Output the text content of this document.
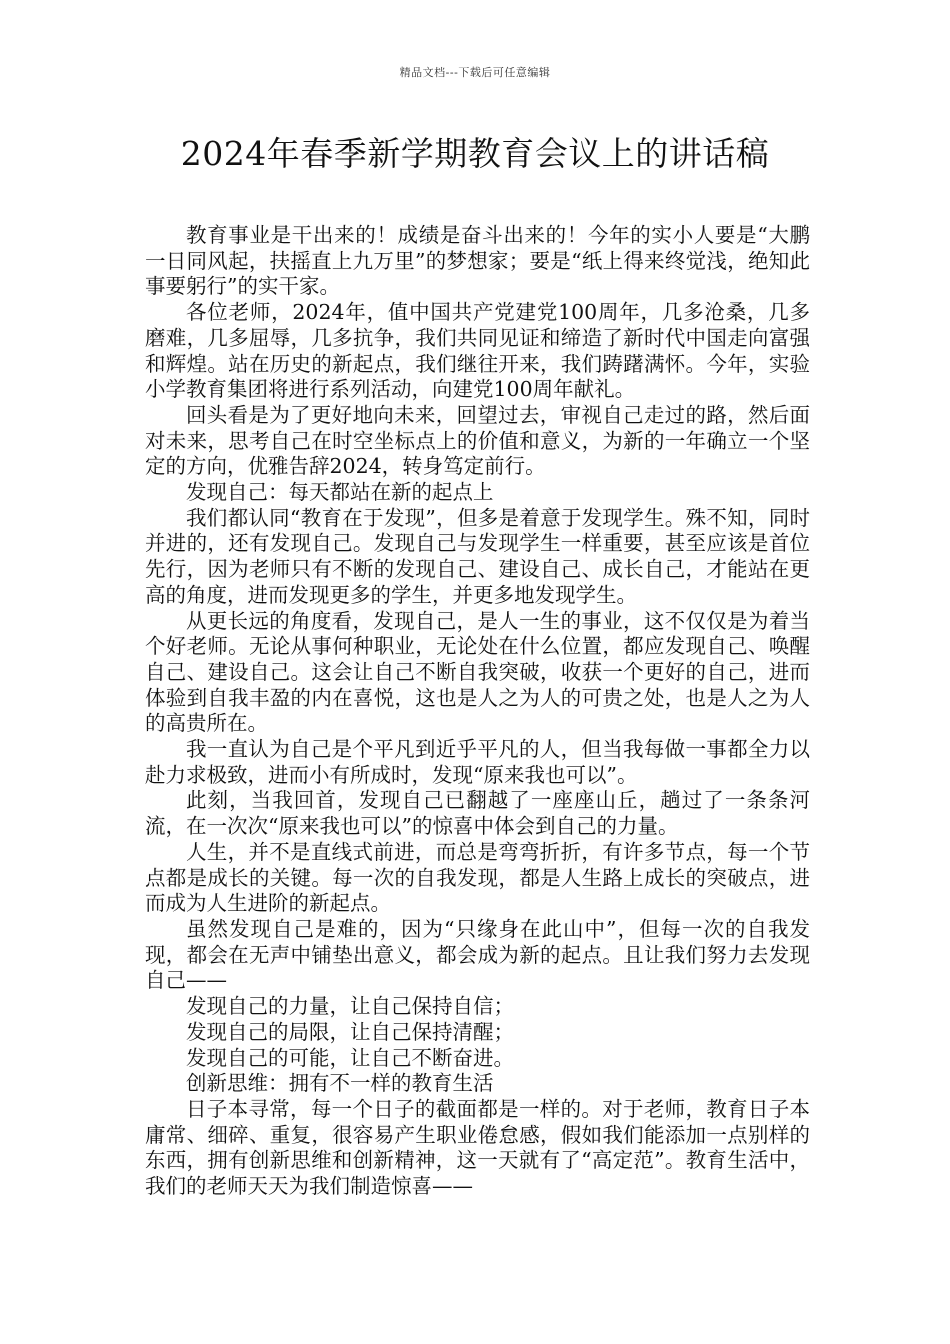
精品文档---下载后可任意编辑
2024年春季新学期教育会议上的讲话稿

教育事业是干出来的！成绩是奋斗出来的！今年的实小人要是“大鹏一日同风起，扶摇直上九万里”的梦想家；要是“纸上得来终觉浅，绝知此事要躬行”的实干家。

各位老师，2024年，值中国共产党建党100周年，几多沧桑，几多磨难，几多屈辱，几多抗争，我们共同见证和缔造了新时代中国走向富强和辉煌。站在历史的新起点，我们继往开来，我们踌躇满怀。今年，实验小学教育集团将进行系列活动，向建党100周年献礼。

回头看是为了更好地向未来，回望过去，审视自己走过的路，然后面对未来，思考自己在时空坐标点上的价值和意义，为新的一年确立一个坚定的方向，优雅告辞2024，转身笃定前行。

发现自己：每天都站在新的起点上

我们都认同“教育在于发现”，但多是着意于发现学生。殊不知，同时并进的，还有发现自己。发现自己与发现学生一样重要，甚至应该是首位先行，因为老师只有不断的发现自己、建设自己、成长自己，才能站在更高的角度，进而发现更多的学生，并更多地发现学生。

从更长远的角度看，发现自己，是人一生的事业，这不仅仅是为着当个好老师。无论从事何种职业，无论处在什么位置，都应发现自己、唤醒自己、建设自己。这会让自己不断自我突破，收获一个更好的自己，进而体验到自我丰盈的内在喜悦，这也是人之为人的可贵之处，也是人之为人的高贵所在。

我一直认为自己是个平凡到近乎平凡的人，但当我每做一事都全力以赴力求极致，进而小有所成时，发现“原来我也可以”。

此刻，当我回首，发现自己已翻越了一座座山丘，趟过了一条条河流，在一次次“原来我也可以”的惊喜中体会到自己的力量。

人生，并不是直线式前进，而总是弯弯折折，有许多节点，每一个节点都是成长的关键。每一次的自我发现，都是人生路上成长的突破点，进而成为人生进阶的新起点。

虽然发现自己是难的，因为“只缘身在此山中”，但每一次的自我发现，都会在无声中铺垫出意义，都会成为新的起点。且让我们努力去发现自己——

发现自己的力量，让自己保持自信；

发现自己的局限，让自己保持清醒；

发现自己的可能，让自己不断奋进。

创新思维：拥有不一样的教育生活

日子本寻常，每一个日子的截面都是一样的。对于老师，教育日子本庸常、细碎、重复，很容易产生职业倦怠感，假如我们能添加一点别样的东西，拥有创新思维和创新精神，这一天就有了“高定范”。教育生活中，我们的老师天天为我们制造惊喜——
